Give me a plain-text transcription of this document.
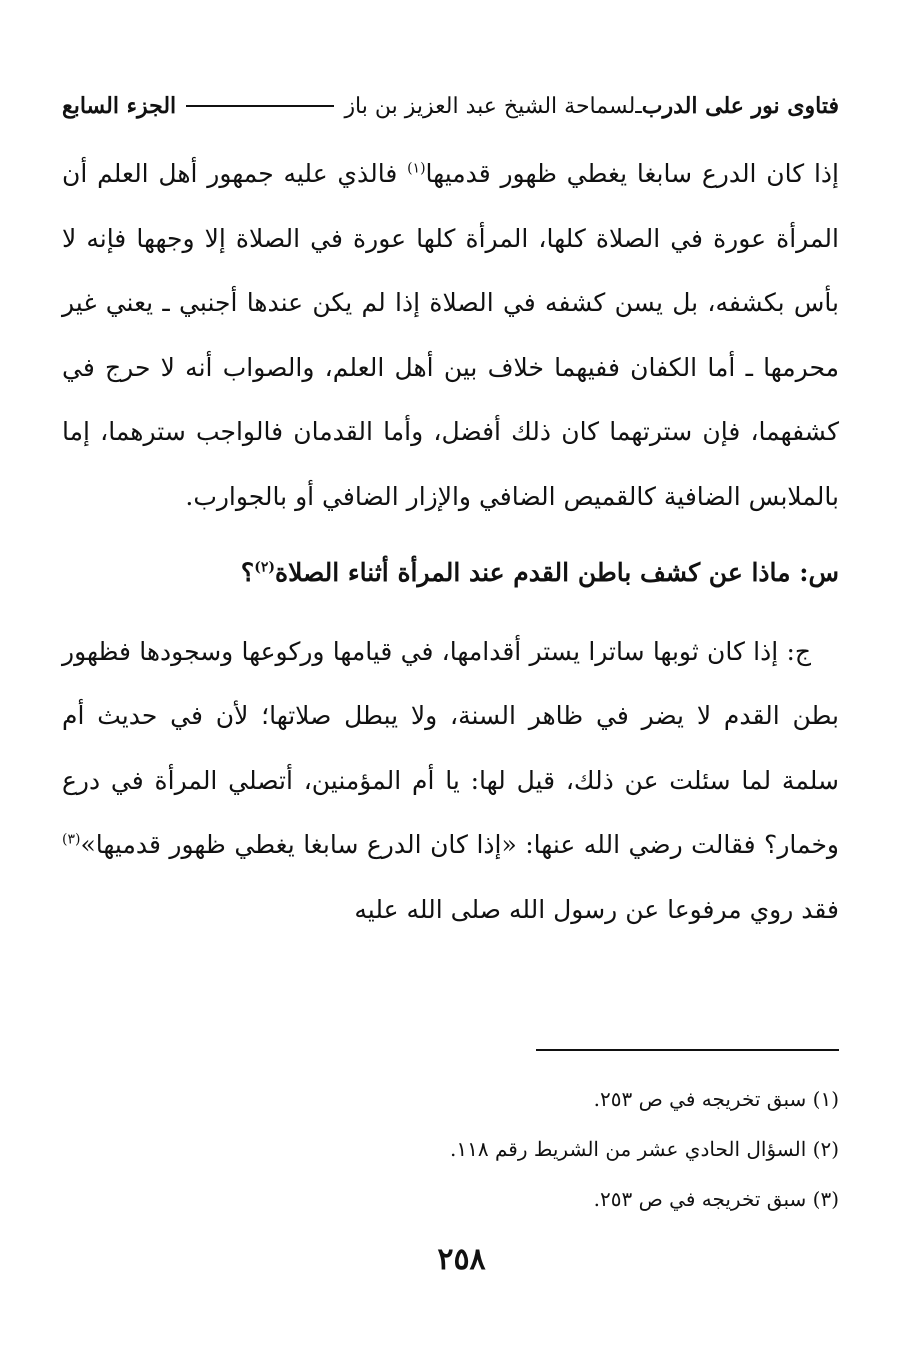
فتاوى نور على الدرب
ـ
لسماحة الشيخ عبد العزيز بن باز
الجزء السابع

إذا كان الدرع سابغا يغطي ظهور قدميها$^{(١)}$ فالذي عليه جمهور أهل العلم أن المرأة عورة في الصلاة كلها، المرأة كلها عورة في الصلاة إلا وجهها فإنه لا بأس بكشفه، بل يسن كشفه في الصلاة إذا لم يكن عندها أجنبي ـ يعني غير محرمها ـ أما الكفان ففيهما خلاف بين أهل العلم، والصواب أنه لا حرج في كشفهما، فإن سترتهما كان ذلك أفضل، وأما القدمان فالواجب سترهما، إما بالملابس الضافية كالقميص الضافي والإزار الضافي أو بالجوارب.

س: ماذا عن كشف باطن القدم عند المرأة أثناء الصلاة$^{(٢)}$؟

ج: إذا كان ثوبها ساترا يستر أقدامها، في قيامها وركوعها وسجودها فظهور بطن القدم لا يضر في ظاهر السنة، ولا يبطل صلاتها؛ لأن في حديث أم سلمة لما سئلت عن ذلك، قيل لها: يا أم المؤمنين، أتصلي المرأة في درع وخمار؟ فقالت رضي الله عنها: «إذا كان الدرع سابغا يغطي ظهور قدميها»$^{(٣)}$ فقد روي مرفوعا عن رسول الله صلى الله عليه

(١) سبق تخريجه في ص ٢٥٣.
(٢) السؤال الحادي عشر من الشريط رقم ١١٨.
(٣) سبق تخريجه في ص ٢٥٣.
٢٥٨
